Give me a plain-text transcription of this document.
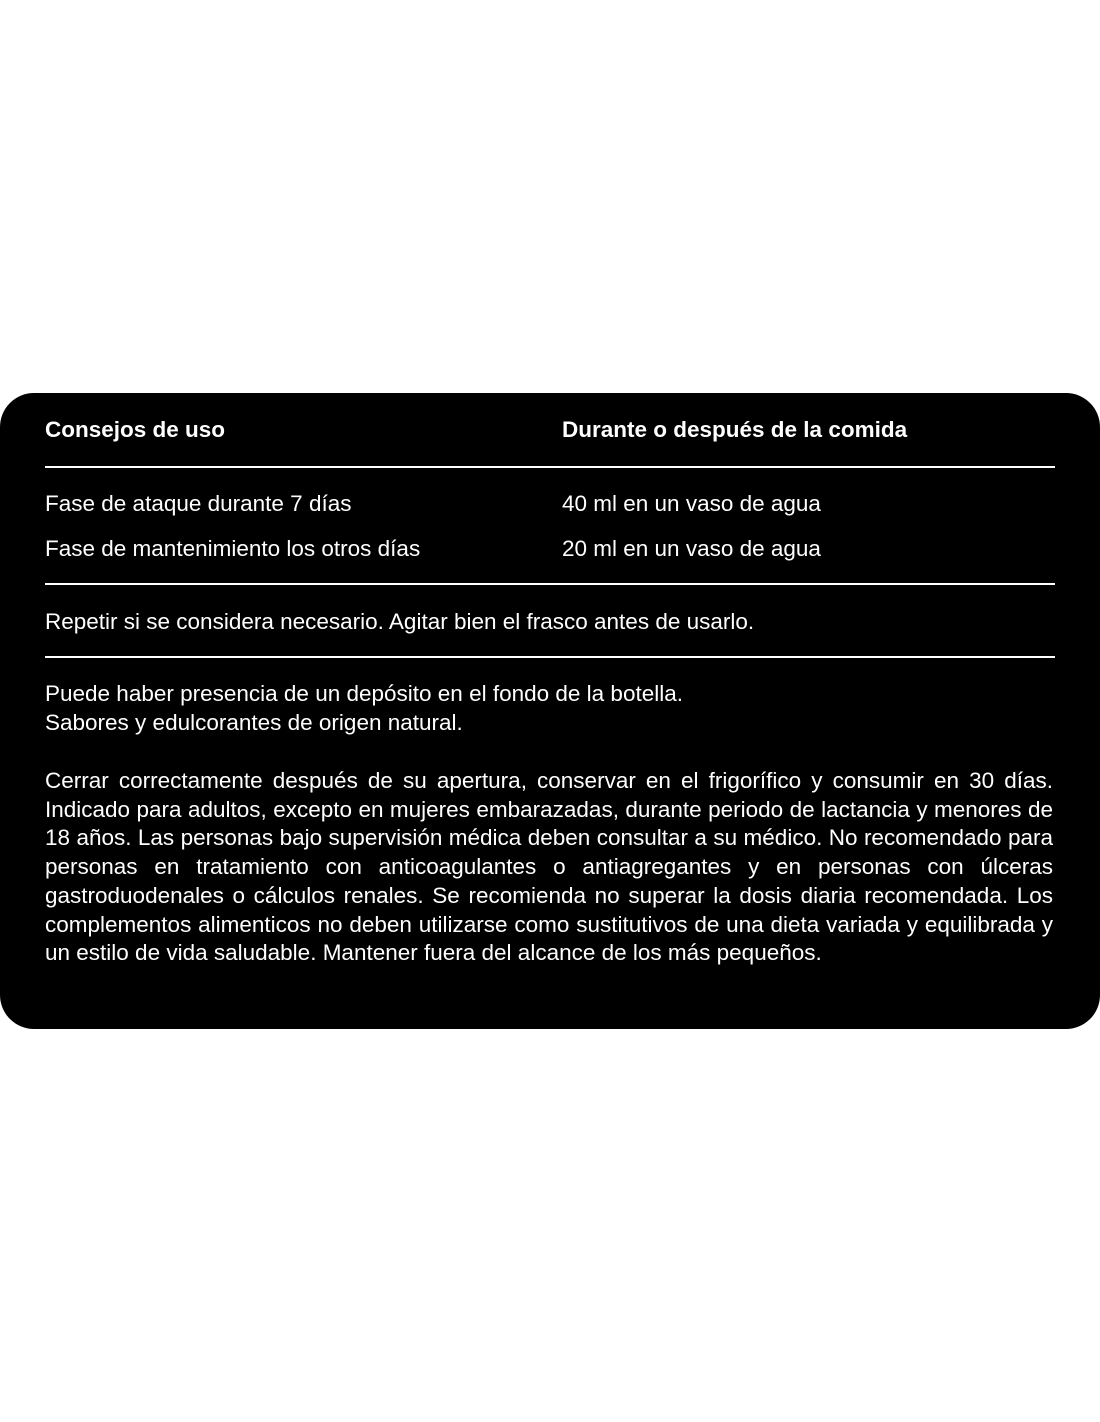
Consejos de uso	Durante o después de la comida
Fase de ataque durante 7 días	40 ml en un vaso de agua
Fase de mantenimiento los otros días	20 ml en un vaso de agua
Repetir si se considera necesario. Agitar bien el frasco antes de usarlo.
Puede haber presencia de un depósito en el fondo de la botella.
Sabores y edulcorantes de origen natural.

Cerrar correctamente después de su apertura, conservar en el frigorífico y consumir en 30 días. Indicado para adultos, excepto en mujeres embarazadas, durante periodo de lactancia y menores de 18 años. Las personas bajo supervisión médica deben consultar a su médico. No recomendado para personas en tratamiento con anticoagulantes o antiagregantes y en personas con úlceras gastroduodenales o cálculos renales. Se recomienda no superar la dosis diaria recomendada. Los complementos alimenticos no deben utilizarse como sustitutivos de una dieta variada y equilibrada y un estilo de vida saludable. Mantener fuera del alcance de los más pequeños.
